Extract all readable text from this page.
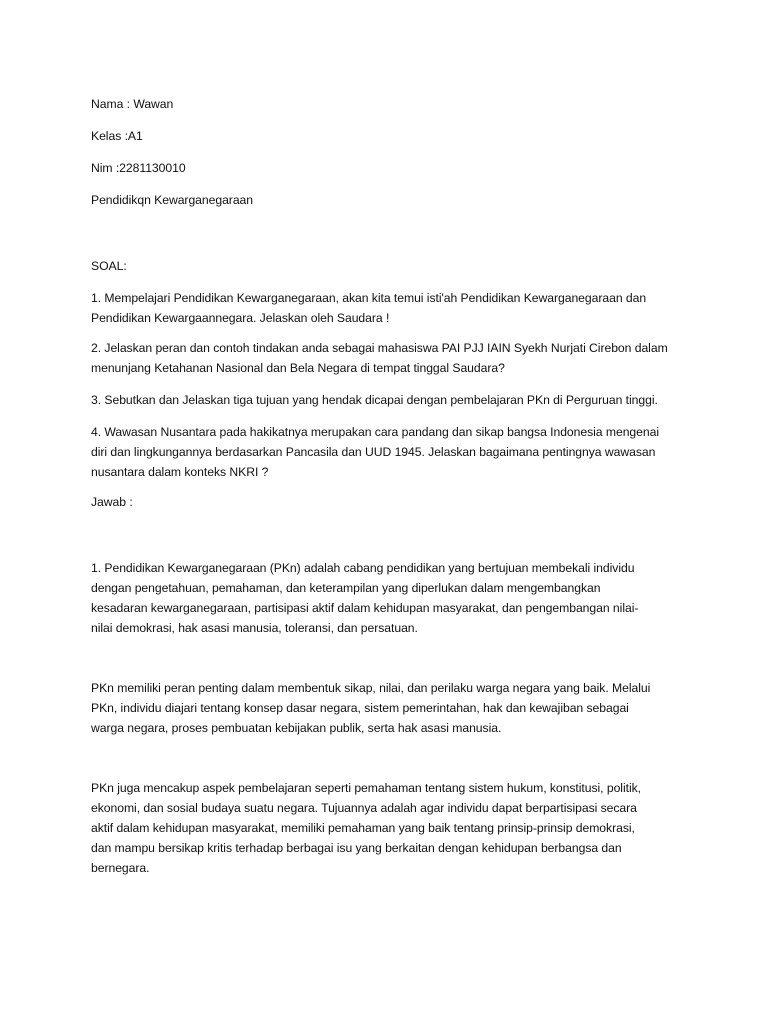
Nama : Wawan

Kelas :A1

Nim :2281130010

Pendidikqn Kewarganegaraan

SOAL:

1. Mempelajari Pendidikan Kewarganegaraan, akan kita temui isti'ah Pendidikan Kewarganegaraan dan

Pendidikan Kewargaannegara. Jelaskan oleh Saudara !

2. Jelaskan peran dan contoh tindakan anda sebagai mahasiswa PAI PJJ IAIN Syekh Nurjati Cirebon dalam

menunjang Ketahanan Nasional dan Bela Negara di tempat tinggal Saudara?

3. Sebutkan dan Jelaskan tiga tujuan yang hendak dicapai dengan pembelajaran PKn di Perguruan tinggi.

4. Wawasan Nusantara pada hakikatnya merupakan cara pandang dan sikap bangsa Indonesia mengenai

diri dan lingkungannya berdasarkan Pancasila dan UUD 1945. Jelaskan bagaimana pentingnya wawasan

nusantara dalam konteks NKRI ?

Jawab :

1. Pendidikan Kewarganegaraan (PKn) adalah cabang pendidikan yang bertujuan membekali individu

dengan pengetahuan, pemahaman, dan keterampilan yang diperlukan dalam mengembangkan

kesadaran kewarganegaraan, partisipasi aktif dalam kehidupan masyarakat, dan pengembangan nilai-

nilai demokrasi, hak asasi manusia, toleransi, dan persatuan.

PKn memiliki peran penting dalam membentuk sikap, nilai, dan perilaku warga negara yang baik. Melalui

PKn, individu diajari tentang konsep dasar negara, sistem pemerintahan, hak dan kewajiban sebagai

warga negara, proses pembuatan kebijakan publik, serta hak asasi manusia.

PKn juga mencakup aspek pembelajaran seperti pemahaman tentang sistem hukum, konstitusi, politik,

ekonomi, dan sosial budaya suatu negara. Tujuannya adalah agar individu dapat berpartisipasi secara

aktif dalam kehidupan masyarakat, memiliki pemahaman yang baik tentang prinsip-prinsip demokrasi,

dan mampu bersikap kritis terhadap berbagai isu yang berkaitan dengan kehidupan berbangsa dan

bernegara.
